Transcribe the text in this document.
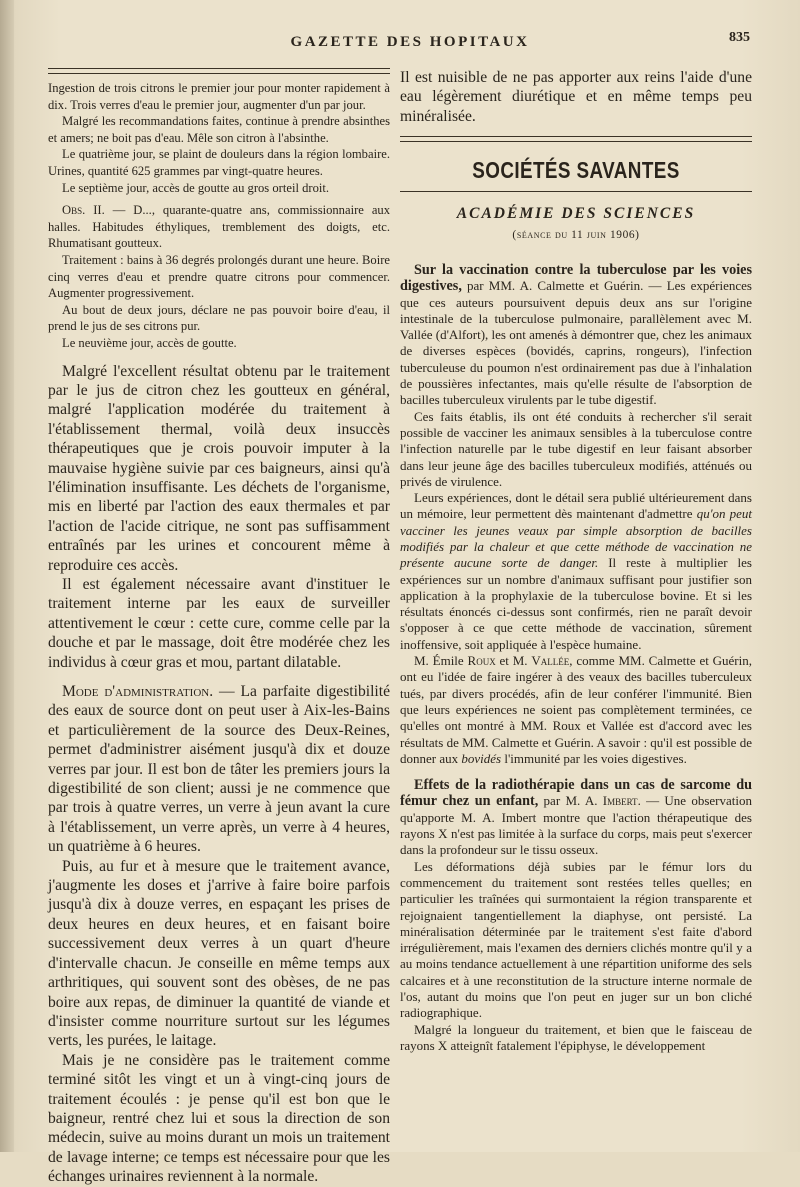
GAZETTE DES HOPITAUX	835

Ingestion de trois citrons le premier jour pour monter rapidement à dix. Trois verres d'eau le premier jour, augmenter d'un par jour.

Malgré les recommandations faites, continue à prendre absinthes et amers; ne boit pas d'eau. Mêle son citron à l'absinthe.

Le quatrième jour, se plaint de douleurs dans la région lombaire. Urines, quantité 625 grammes par vingt-quatre heures.

Le septième jour, accès de goutte au gros orteil droit.

Obs. II. — D..., quarante-quatre ans, commissionnaire aux halles. Habitudes éthyliques, tremblement des doigts, etc. Rhumatisant goutteux.

Traitement : bains à 36 degrés prolongés durant une heure. Boire cinq verres d'eau et prendre quatre citrons pour commencer. Augmenter progressivement.

Au bout de deux jours, déclare ne pas pouvoir boire d'eau, il prend le jus de ses citrons pur.

Le neuvième jour, accès de goutte.

Malgré l'excellent résultat obtenu par le traitement par le jus de citron chez les goutteux en général, malgré l'application modérée du traitement à l'établissement thermal, voilà deux insuccès thérapeutiques que je crois pouvoir imputer à la mauvaise hygiène suivie par ces baigneurs, ainsi qu'à l'élimination insuffisante. Les déchets de l'organisme, mis en liberté par l'action des eaux thermales et par l'action de l'acide citrique, ne sont pas suffisamment entraînés par les urines et concourent même à reproduire ces accès.

Il est également nécessaire avant d'instituer le traitement interne par les eaux de surveiller attentivement le cœur : cette cure, comme celle par la douche et par le massage, doit être modérée chez les individus à cœur gras et mou, partant dilatable.

Mode d'administration. — La parfaite digestibilité des eaux de source dont on peut user à Aix-les-Bains et particulièrement de la source des Deux-Reines, permet d'administrer aisément jusqu'à dix et douze verres par jour. Il est bon de tâter les premiers jours la digestibilité de son client; aussi je ne commence que par trois à quatre verres, un verre à jeun avant la cure à l'établissement, un verre après, un verre à 4 heures, un quatrième à 6 heures.

Puis, au fur et à mesure que le traitement avance, j'augmente les doses et j'arrive à faire boire parfois jusqu'à dix à douze verres, en espaçant les prises de deux heures en deux heures, et en faisant boire successivement deux verres à un quart d'heure d'intervalle chacun. Je conseille en même temps aux arthritiques, qui souvent sont des obèses, de ne pas boire aux repas, de diminuer la quantité de viande et d'insister comme nourriture surtout sur les légumes verts, les purées, le laitage.

Mais je ne considère pas le traitement comme terminé sitôt les vingt et un à vingt-cinq jours de traitement écoulés : je pense qu'il est bon que le baigneur, rentré chez lui et sous la direction de son médecin, suive au moins durant un mois un traitement de lavage interne; ce temps est nécessaire pour que les échanges urinaires reviennent à la normale.

Il est nuisible de ne pas apporter aux reins l'aide d'une eau légèrement diurétique et en même temps peu minéralisée.

SOCIÉTÉS SAVANTES
ACADÉMIE DES SCIENCES
(séance du 11 juin 1906)

Sur la vaccination contre la tuberculose par les voies digestives, par MM. A. Calmette et Guérin. — Les expériences que ces auteurs poursuivent depuis deux ans sur l'origine intestinale de la tuberculose pulmonaire, parallèlement avec M. Vallée (d'Alfort), les ont amenés à démontrer que, chez les animaux de diverses espèces (bovidés, caprins, rongeurs), l'infection tuberculeuse du poumon n'est ordinairement pas due à l'inhalation de poussières infectantes, mais qu'elle résulte de l'absorption de bacilles tuberculeux virulents par le tube digestif.

Ces faits établis, ils ont été conduits à rechercher s'il serait possible de vacciner les animaux sensibles à la tuberculose contre l'infection naturelle par le tube digestif en leur faisant absorber dans leur jeune âge des bacilles tuberculeux modifiés, atténués ou privés de virulence.

Leurs expériences, dont le détail sera publié ultérieurement dans un mémoire, leur permettent dès maintenant d'admettre qu'on peut vacciner les jeunes veaux par simple absorption de bacilles modifiés par la chaleur et que cette méthode de vaccination ne présente aucune sorte de danger. Il reste à multiplier les expériences sur un nombre d'animaux suffisant pour justifier son application à la prophylaxie de la tuberculose bovine. Et si les résultats énoncés ci-dessus sont confirmés, rien ne paraît devoir s'opposer à ce que cette méthode de vaccination, sûrement inoffensive, soit appliquée à l'espèce humaine.

M. Émile Roux et M. Vallée, comme MM. Calmette et Guérin, ont eu l'idée de faire ingérer à des veaux des bacilles tuberculeux tués, par divers procédés, afin de leur conférer l'immunité. Bien que leurs expériences ne soient pas complètement terminées, ce qu'elles ont montré à MM. Roux et Vallée est d'accord avec les résultats de MM. Calmette et Guérin. A savoir : qu'il est possible de donner aux bovidés l'immunité par les voies digestives.

Effets de la radiothérapie dans un cas de sarcome du fémur chez un enfant, par M. A. Imbert. — Une observation qu'apporte M. A. Imbert montre que l'action thérapeutique des rayons X n'est pas limitée à la surface du corps, mais peut s'exercer dans la profondeur sur le tissu osseux.

Les déformations déjà subies par le fémur lors du commencement du traitement sont restées telles quelles; en particulier les traînées qui surmontaient la région transparente et rejoignaient tangentiellement la diaphyse, ont persisté. La minéralisation déterminée par le traitement s'est faite d'abord irrégulièrement, mais l'examen des derniers clichés montre qu'il y a au moins tendance actuellement à une répartition uniforme des sels calcaires et à une reconstitution de la structure interne normale de l'os, autant du moins que l'on peut en juger sur un bon cliché radiographique.

Malgré la longueur du traitement, et bien que le faisceau de rayons X atteignît fatalement l'épiphyse, le développement
